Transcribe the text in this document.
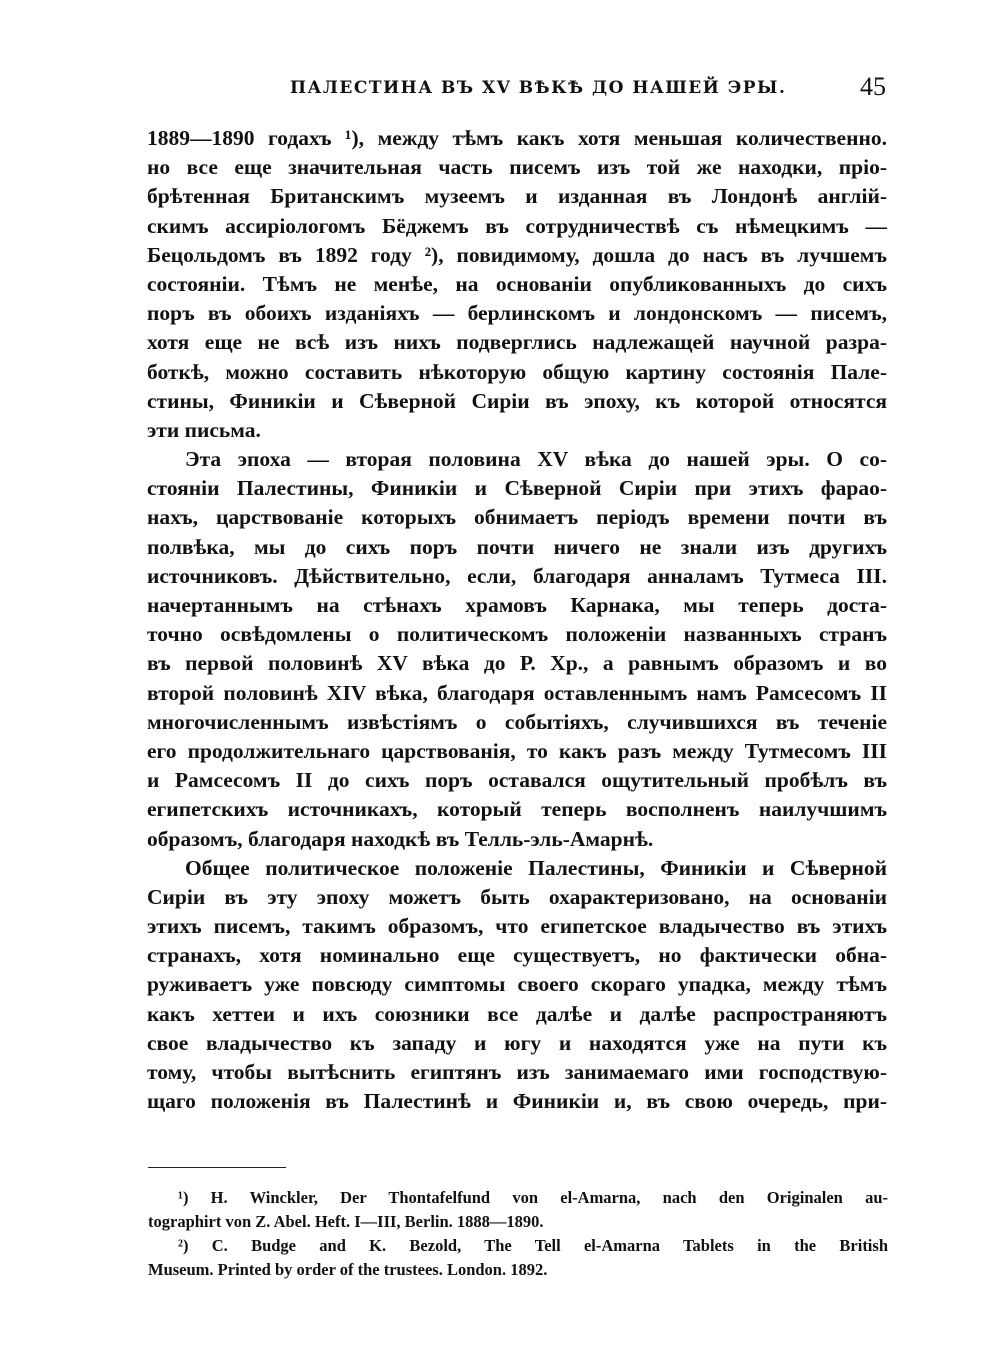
ПАЛЕСТИНА ВЪ XV ВѢКѢ ДО НАШЕЙ ЭРЫ.	45
1889—1890 годахъ ¹), между тѣмъ какъ хотя меньшая количественно.
но все еще значительная часть писемъ изъ той же находки, пріо-
брѣтенная Британскимъ музеемъ и изданная въ Лондонѣ англій-
скимъ ассиріологомъ Бёджемъ въ сотрудничествѣ съ нѣмецкимъ —
Бецольдомъ въ 1892 году ²), повидимому, дошла до насъ въ лучшемъ
состояніи. Тѣмъ не менѣе, на основаніи опубликованныхъ до сихъ
поръ въ обоихъ изданіяхъ — берлинскомъ и лондонскомъ — писемъ,
хотя еще не всѣ изъ нихъ подверглись надлежащей научной разра-
боткѣ, можно составить нѣкоторую общую картину состоянія Пале-
стины, Финикіи и Сѣверной Сиріи въ эпоху, къ которой относятся
эти письма.
Эта эпоха — вторая половина XV вѣка до нашей эры. О со-
стояніи Палестины, Финикіи и Сѣверной Сиріи при этихъ фарао-
нахъ, царствованіе которыхъ обнимаетъ періодъ времени почти въ
полвѣка, мы до сихъ поръ почти ничего не знали изъ другихъ
источниковъ. Дѣйствительно, если, благодаря анналамъ Тутмеса III.
начертаннымъ на стѣнахъ храмовъ Карнака, мы теперь доста-
точно освѣдомлены о политическомъ положеніи названныхъ странъ
въ первой половинѣ XV вѣка до Р. Хр., а равнымъ образомъ и во
второй половинѣ XIV вѣка, благодаря оставленнымъ намъ Рамсесомъ II
многочисленнымъ извѣстіямъ о событіяхъ, случившихся въ теченіе
его продолжительнаго царствованія, то какъ разъ между Тутмесомъ III
и Рамсесомъ II до сихъ поръ оставался ощутительный пробѣлъ въ
египетскихъ источникахъ, который теперь восполненъ наилучшимъ
образомъ, благодаря находкѣ въ Телль-эль-Амарнѣ.
Общее политическое положеніе Палестины, Финикіи и Сѣверной
Сиріи въ эту эпоху можетъ быть охарактеризовано, на основаніи
этихъ писемъ, такимъ образомъ, что египетское владычество въ этихъ
странахъ, хотя номинально еще существуетъ, но фактически обна-
руживаетъ уже повсюду симптомы своего скораго упадка, между тѣмъ
какъ хеттеи и ихъ союзники все далѣе и далѣе распространяютъ
свое владычество къ западу и югу и находятся уже на пути къ
тому, чтобы вытѣснить египтянъ изъ занимаемаго ими господствую-
щаго положенія въ Палестинѣ и Финикіи и, въ свою очередь, при-
¹) H. Winckler, Der Thontafelfund von el-Amarna, nach den Originalen au-
tographirt von Z. Abel. Heft. I—III, Berlin. 1888—1890.
²) C. Budge and K. Bezold, The Tell el-Amarna Tablets in the British
Museum. Printed by order of the trustees. London. 1892.
